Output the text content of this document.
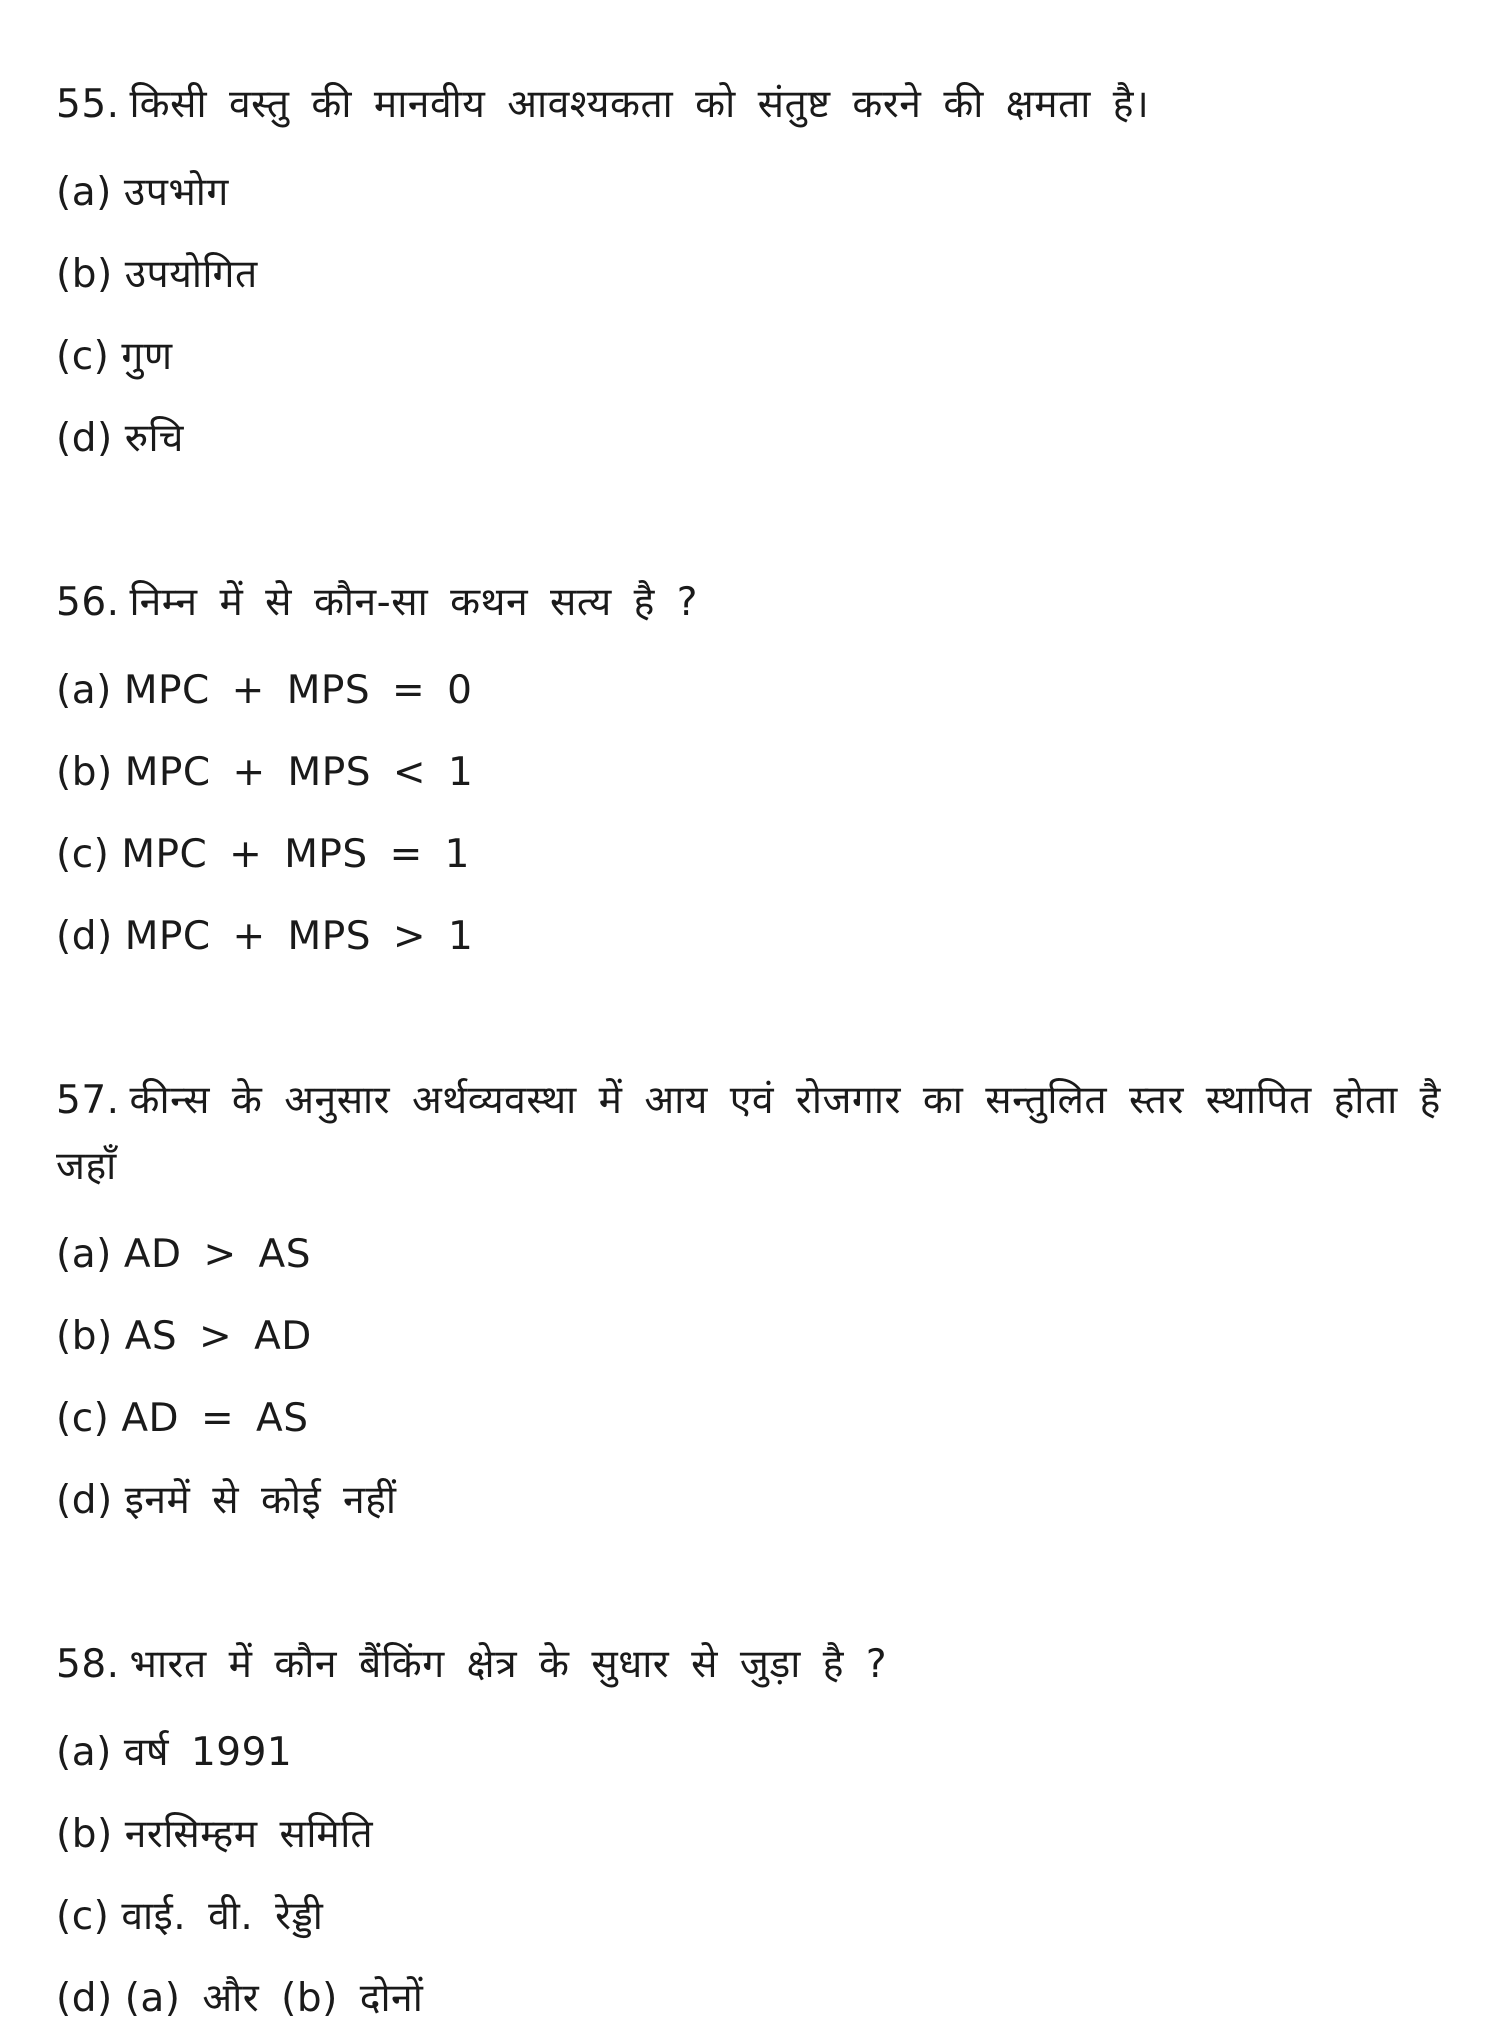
55. किसी वस्तु की मानवीय आवश्यकता को संतुष्ट करने की क्षमता है।

(a) उपभोग
(b) उपयोगित
(c) गुण
(d) रुचि

56. निम्न में से कौन-सा कथन सत्य है ?

(a) MPC + MPS = 0
(b) MPC + MPS < 1
(c) MPC + MPS = 1
(d) MPC + MPS > 1

57. कीन्स के अनुसार अर्थव्यवस्था में आय एवं रोजगार का सन्तुलित स्तर स्थापित होता है जहाँ

(a) AD > AS
(b) AS > AD
(c) AD = AS
(d) इनमें से कोई नहीं

58. भारत में कौन बैंकिंग क्षेत्र के सुधार से जुड़ा है ?

(a) वर्ष 1991
(b) नरसिम्हम समिति
(c) वाई. वी. रेड्डी
(d) (a) और (b) दोनों
